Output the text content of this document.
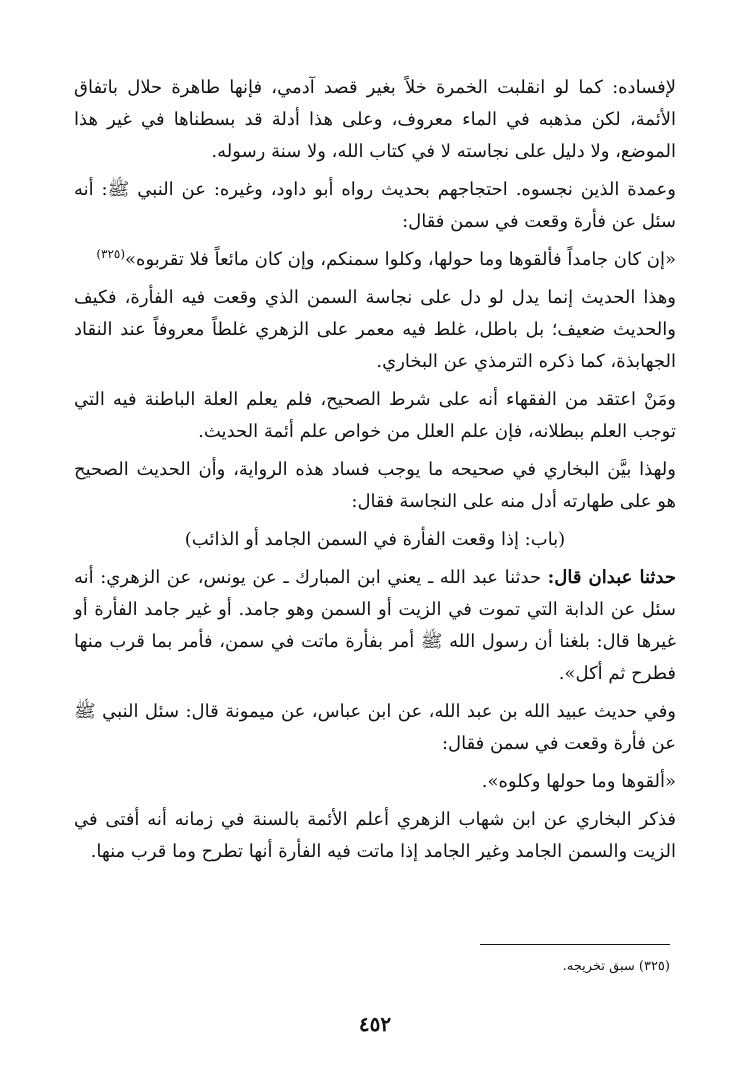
لإفساده: كما لو انقلبت الخمرة خلاً بغير قصد آدمي، فإنها طاهرة حلال باتفاق الأئمة، لكن مذهبه في الماء معروف، وعلى هذا أدلة قد بسطناها في غير هذا الموضع، ولا دليل على نجاسته لا في كتاب الله، ولا سنة رسوله.

وعمدة الذين نجسوه. احتجاجهم بحديث رواه أبو داود، وغيره: عن النبي ﷺ: أنه سئل عن فأرة وقعت في سمن فقال:

«إن كان جامداً فألقوها وما حولها، وكلوا سمنكم، وإن كان مائعاً فلا تقربوه»$^{(٣٢٥)}$

وهذا الحديث إنما يدل لو دل على نجاسة السمن الذي وقعت فيه الفأرة، فكيف والحديث ضعيف؛ بل باطل، غلط فيه معمر على الزهري غلطاً معروفاً عند النقاد الجهابذة، كما ذكره الترمذي عن البخاري.

ومَنْ اعتقد من الفقهاء أنه على شرط الصحيح، فلم يعلم العلة الباطنة فيه التي توجب العلم ببطلانه، فإن علم العلل من خواص علم أئمة الحديث.

ولهذا بيَّن البخاري في صحيحه ما يوجب فساد هذه الرواية، وأن الحديث الصحيح هو على طهارته أدل منه على النجاسة فقال:

(باب: إذا وقعت الفأرة في السمن الجامد أو الذائب)

حدثنا عبدان قال: حدثنا عبد الله ـ يعني ابن المبارك ـ عن يونس، عن الزهري: أنه سئل عن الدابة التي تموت في الزيت أو السمن وهو جامد. أو غير جامد الفأرة أو غيرها قال: بلغنا أن رسول الله ﷺ أمر بفأرة ماتت في سمن، فأمر بما قرب منها فطرح ثم أكل».

وفي حديث عبيد الله بن عبد الله، عن ابن عباس، عن ميمونة قال: سئل النبي ﷺ عن فأرة وقعت في سمن فقال:

«ألقوها وما حولها وكلوه».

فذكر البخاري عن ابن شهاب الزهري أعلم الأئمة بالسنة في زمانه أنه أفتى في الزيت والسمن الجامد وغير الجامد إذا ماتت فيه الفأرة أنها تطرح وما قرب منها.

(٣٢٥) سبق تخريجه.
٤٥٢
